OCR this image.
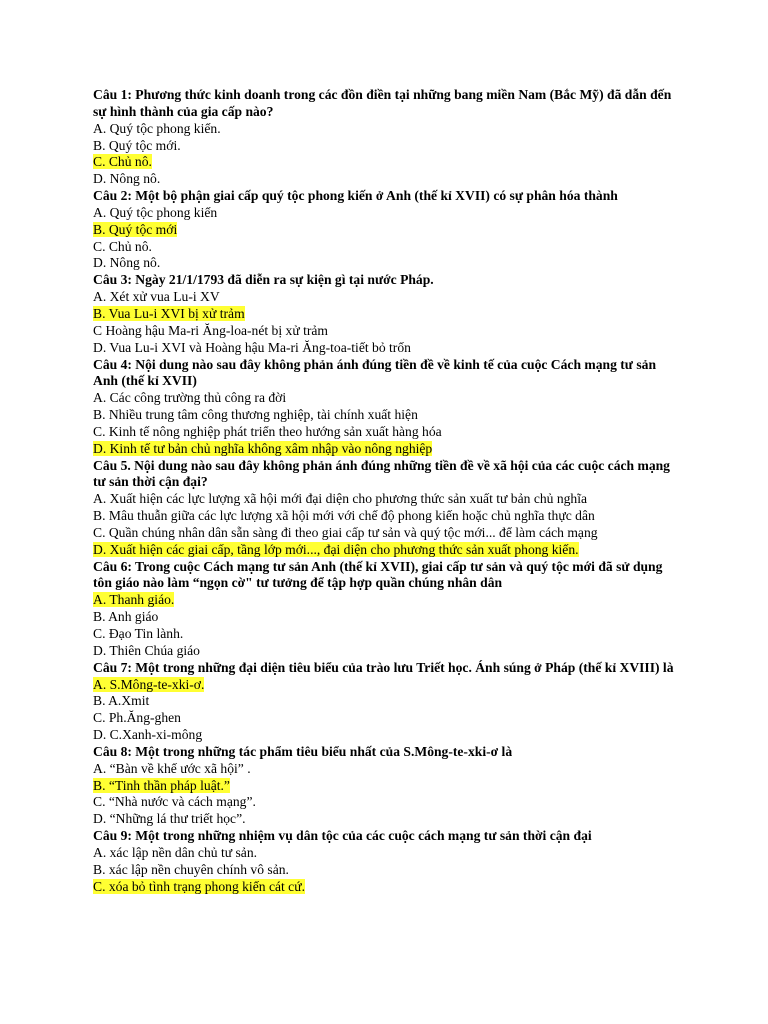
Câu 1: Phương thức kinh doanh trong các đồn điền tại những bang miền Nam (Bắc Mỹ) đã dẫn đến sự hình thành của gia cấp nào?
A. Quý tộc phong kiến.
B. Quý tộc mới.
C. Chủ nô.
D. Nông nô.
Câu 2: Một bộ phận giai cấp quý tộc phong kiến ở Anh (thế kỉ XVII) có sự phân hóa thành
A. Quý tộc phong kiến
B. Quý tộc mới
C. Chủ nô.
D. Nông nô.
Câu 3: Ngày 21/1/1793 đã diễn ra sự kiện gì tại nước Pháp.
A. Xét xử vua Lu-i XV
B. Vua Lu-i XVI bị xử trảm
C Hoàng hậu Ma-ri Ăng-loa-nét bị xử trảm
D. Vua Lu-i XVI và Hoàng hậu Ma-ri Ăng-toa-tiết bỏ trốn
Câu 4: Nội dung nào sau đây không phản ánh đúng tiền đề về kinh tế của cuộc Cách mạng tư sản Anh (thế kỉ XVII)
A. Các công trường thủ công ra đời
B. Nhiều trung tâm công thương nghiệp, tài chính xuất hiện
C. Kinh tế nông nghiệp phát triển theo hướng sản xuất hàng hóa
D. Kinh tế tư bản chủ nghĩa không xâm nhập vào nông nghiệp
Câu 5. Nội dung nào sau đây không phản ánh đúng những tiền đề về xã hội của các cuộc cách mạng tư sản thời cận đại?
A. Xuất hiện các lực lượng xã hội mới đại diện cho phương thức sản xuất tư bản chủ nghĩa
B. Mâu thuẫn giữa các lực lượng xã hội mới với chế độ phong kiến hoặc chủ nghĩa thực dân
C. Quần chúng nhân dân sẵn sàng đi theo giai cấp tư sản và quý tộc mới... để làm cách mạng
D. Xuất hiện các giai cấp, tầng lớp mới..., đại diện cho phương thức sản xuất phong kiến.
Câu 6: Trong cuộc Cách mạng tư sản Anh (thế kỉ XVII), giai cấp tư sản và quý tộc mới đã sử dụng tôn giáo nào làm “ngọn cờ" tư tưởng để tập hợp quần chúng nhân dân
A. Thanh giáo.
B. Anh giáo
C. Đạo Tin lành.
D. Thiên Chúa giáo
Câu 7: Một trong những đại diện tiêu biểu của trào lưu Triết học. Ánh súng ở Pháp (thế kỉ XVIII) là
A. S.Mông-te-xki-ơ.
B. A.Xmit
C. Ph.Ăng-ghen
D. C.Xanh-xi-mông
Câu 8: Một trong những tác phẩm tiêu biểu nhất của S.Mông-te-xki-ơ là
A. “Bàn về khế ước xã hội” .
B. “Tinh thần pháp luật.”
C. “Nhà nước và cách mạng”.
D. “Những lá thư triết học”.
Câu 9: Một trong những nhiệm vụ dân tộc của các cuộc cách mạng tư sản thời cận đại
A. xác lập nền dân chủ tư sản.
B. xác lập nền chuyên chính vô sản.
C. xóa bỏ tình trạng phong kiến cát cứ.
